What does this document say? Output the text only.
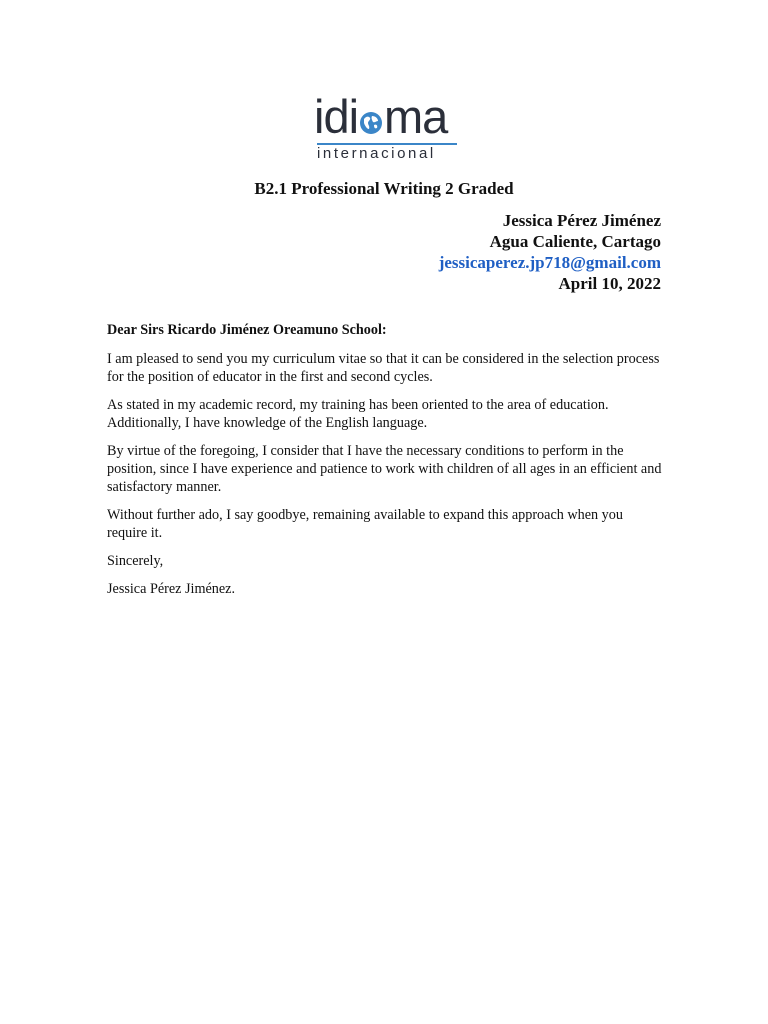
idi ma
internacional
B2.1 Professional Writing 2 Graded
Jessica Pérez Jiménez
Agua Caliente, Cartago
jessicaperez.jp718@gmail.com
April 10, 2022

Dear Sirs Ricardo Jiménez Oreamuno School:

I am pleased to send you my curriculum vitae so that it can be considered in the selection process for the position of educator in the first and second cycles.

As stated in my academic record, my training has been oriented to the area of education. Additionally, I have knowledge of the English language.

By virtue of the foregoing, I consider that I have the necessary conditions to perform in the position, since I have experience and patience to work with children of all ages in an efficient and satisfactory manner.

Without further ado, I say goodbye, remaining available to expand this approach when you require it.

Sincerely,

Jessica Pérez Jiménez.
